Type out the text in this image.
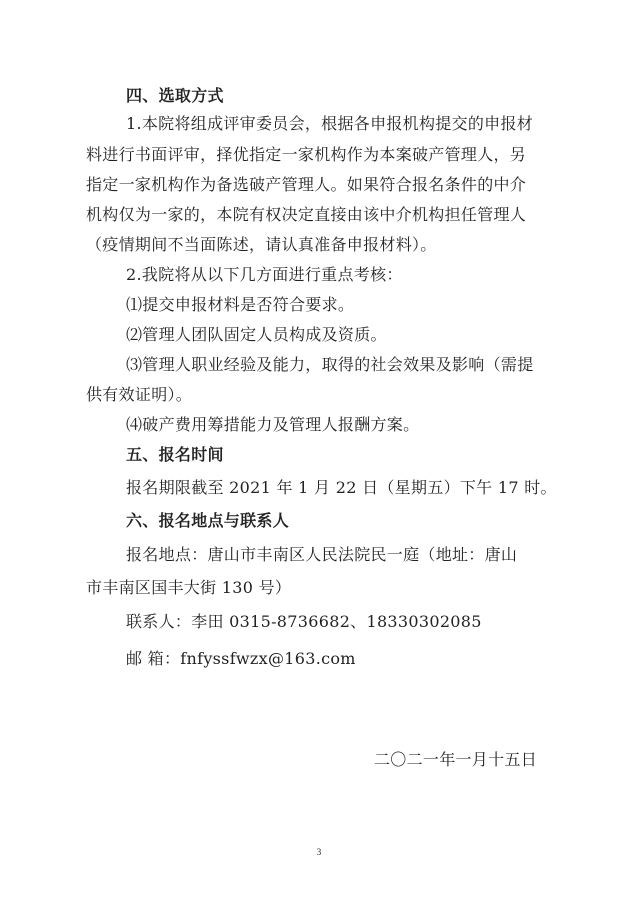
四、选取方式
1.本院将组成评审委员会，根据各申报机构提交的申报材
料进行书面评审，择优指定一家机构作为本案破产管理人，另
指定一家机构作为备选破产管理人。如果符合报名条件的中介
机构仅为一家的，本院有权决定直接由该中介机构担任管理人
（疫情期间不当面陈述，请认真准备申报材料）。
2.我院将从以下几方面进行重点考核：
⑴提交申报材料是否符合要求。
⑵管理人团队固定人员构成及资质。
⑶管理人职业经验及能力，取得的社会效果及影响（需提
供有效证明）。
⑷破产费用筹措能力及管理人报酬方案。
五、报名时间
报名期限截至 2021 年 1 月 22 日（星期五）下午 17 时。
六、报名地点与联系人
报名地点：唐山市丰南区人民法院民一庭（地址：唐山
市丰南区国丰大街 130 号）
联系人：李田 0315-8736682、18330302085
邮 箱：fnfyssfwzx@163.com
二〇二一年一月十五日
3
